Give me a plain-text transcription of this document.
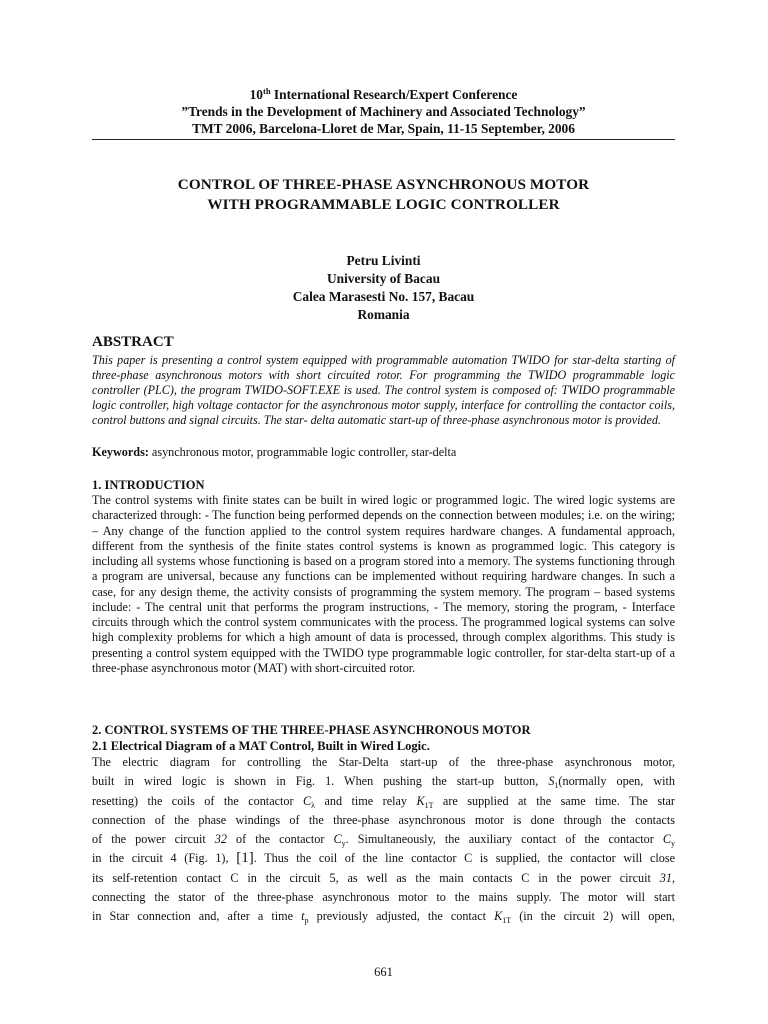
10th International Research/Expert Conference
”Trends in the Development of Machinery and Associated Technology”
TMT 2006, Barcelona-Lloret de Mar, Spain, 11-15 September, 2006
CONTROL OF THREE-PHASE ASYNCHRONOUS MOTOR
WITH PROGRAMMABLE LOGIC CONTROLLER
Petru Livinti
University of Bacau
Calea Marasesti No. 157, Bacau
Romania
ABSTRACT
This paper is presenting a control system equipped with programmable automation TWIDO for star-delta starting of three-phase asynchronous motors with short circuited rotor. For programming the TWIDO programmable logic controller (PLC), the program TWIDO-SOFT.EXE is used. The control system is composed of: TWIDO programmable logic controller, high voltage contactor for the asynchronous motor supply, interface for controlling the contactor coils, control buttons and signal circuits. The star- delta automatic start-up of three-phase asynchronous motor is provided.
Keywords: asynchronous motor, programmable logic controller, star-delta
1. INTRODUCTION
The control systems with finite states can be built in wired logic or programmed logic. The wired logic systems are characterized through: - The function being performed depends on the connection between modules; i.e. on the wiring; – Any change of the function applied to the control system requires hardware changes. A fundamental approach, different from the synthesis of the finite states control systems is known as programmed logic. This category is including all systems whose functioning is based on a program stored into a memory. The systems functioning through a program are universal, because any functions can be implemented without requiring hardware changes. In such a case, for any design theme, the activity consists of programming the system memory. The program – based systems include: - The central unit that performs the program instructions, - The memory, storing the program, - Interface circuits through which the control system communicates with the process. The programmed logical systems can solve high complexity problems for which a high amount of data is processed, through complex algorithms. This study is presenting a control system equipped with the TWIDO type programmable logic controller, for star-delta start-up of a three-phase asynchronous motor (MAT) with short-circuited rotor.
2. CONTROL SYSTEMS OF THE THREE-PHASE ASYNCHRONOUS MOTOR
2.1 Electrical Diagram of a MAT Control, Built in Wired Logic.
The electric diagram for controlling the Star-Delta start-up of the three-phase asynchronous motor,
built in wired logic is shown in Fig. 1. When pushing the start-up button, $S_1(normally$ open, with
resetting) the coils of the contactor $C_\lambda$ and time relay $K_{1T}$ are supplied at the same time. The star
connection of the phase windings of the three-phase asynchronous motor is done through the contacts
of the power circuit 32 of the contactor $C_y$. Simultaneously, the auxiliary contact of the contactor $C_y$
in the circuit 4 (Fig. 1), [1]. Thus the coil of the line contactor C is supplied, the contactor will close
its self-retention contact C in the circuit 5, as well as the main contacts C in the power circuit 31,
connecting the stator of the three-phase asynchronous motor to the mains supply. The motor will start
in Star connection and, after a time $t_p$ previously adjusted, the contact $K_{1T}$ (in the circuit 2) will open,
661
